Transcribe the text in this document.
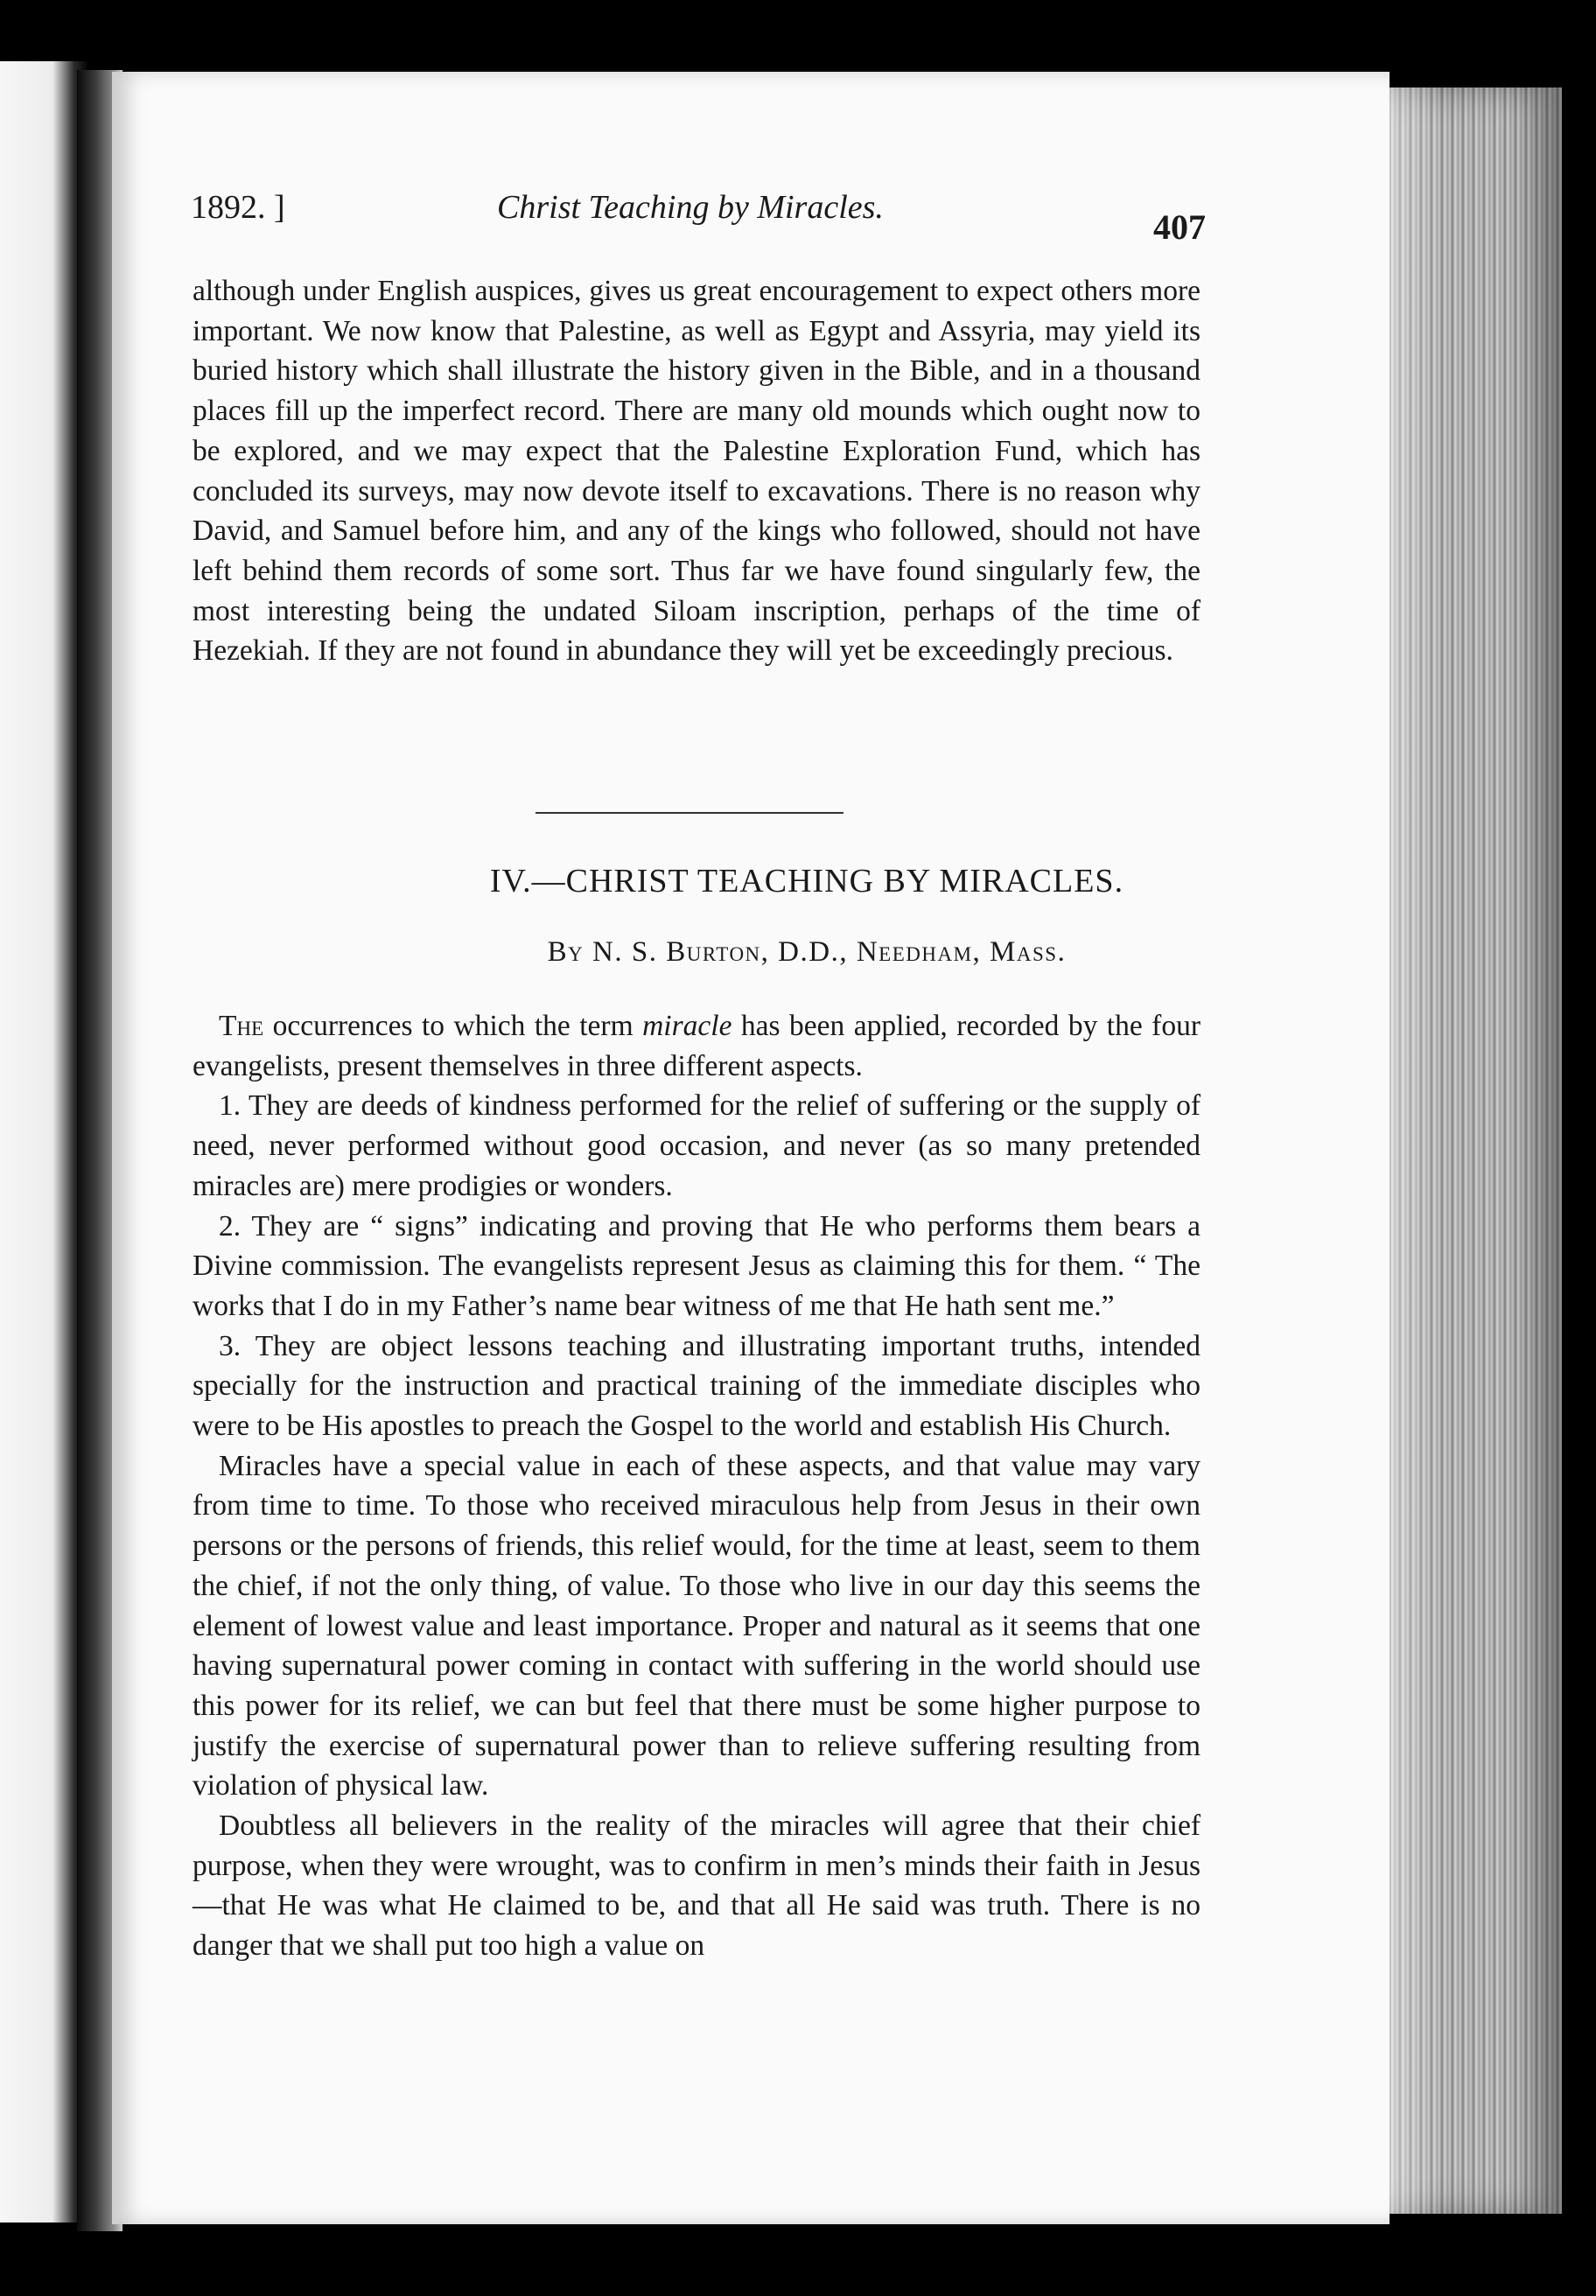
1892. ]	Christ Teaching by Miracles.	407

although under English auspices, gives us great encouragement to expect others more important. We now know that Palestine, as well as Egypt and Assyria, may yield its buried history which shall illustrate the history given in the Bible, and in a thousand places fill up the imperfect record. There are many old mounds which ought now to be explored, and we may expect that the Palestine Exploration Fund, which has concluded its surveys, may now devote itself to excavations. There is no reason why David, and Samuel before him, and any of the kings who followed, should not have left behind them records of some sort. Thus far we have found singularly few, the most interesting being the undated Siloam inscription, perhaps of the time of Hezekiah. If they are not found in abundance they will yet be exceedingly precious.

IV.—CHRIST TEACHING BY MIRACLES.
By N. S. Burton, D.D., Needham, Mass.

The occurrences to which the term miracle has been applied, recorded by the four evangelists, present themselves in three different aspects.

1. They are deeds of kindness performed for the relief of suffering or the supply of need, never performed without good occasion, and never (as so many pretended miracles are) mere prodigies or wonders.

2. They are “ signs” indicating and proving that He who performs them bears a Divine commission. The evangelists represent Jesus as claiming this for them. “ The works that I do in my Father’s name bear witness of me that He hath sent me.”

3. They are object lessons teaching and illustrating important truths, intended specially for the instruction and practical training of the immediate disciples who were to be His apostles to preach the Gospel to the world and establish His Church.

Miracles have a special value in each of these aspects, and that value may vary from time to time. To those who received miraculous help from Jesus in their own persons or the persons of friends, this relief would, for the time at least, seem to them the chief, if not the only thing, of value. To those who live in our day this seems the element of lowest value and least importance. Proper and natural as it seems that one having supernatural power coming in contact with suffering in the world should use this power for its relief, we can but feel that there must be some higher purpose to justify the exercise of supernatural power than to relieve suffering resulting from violation of physical law.

Doubtless all believers in the reality of the miracles will agree that their chief purpose, when they were wrought, was to confirm in men’s minds their faith in Jesus—that He was what He claimed to be, and that all He said was truth. There is no danger that we shall put too high a value on
